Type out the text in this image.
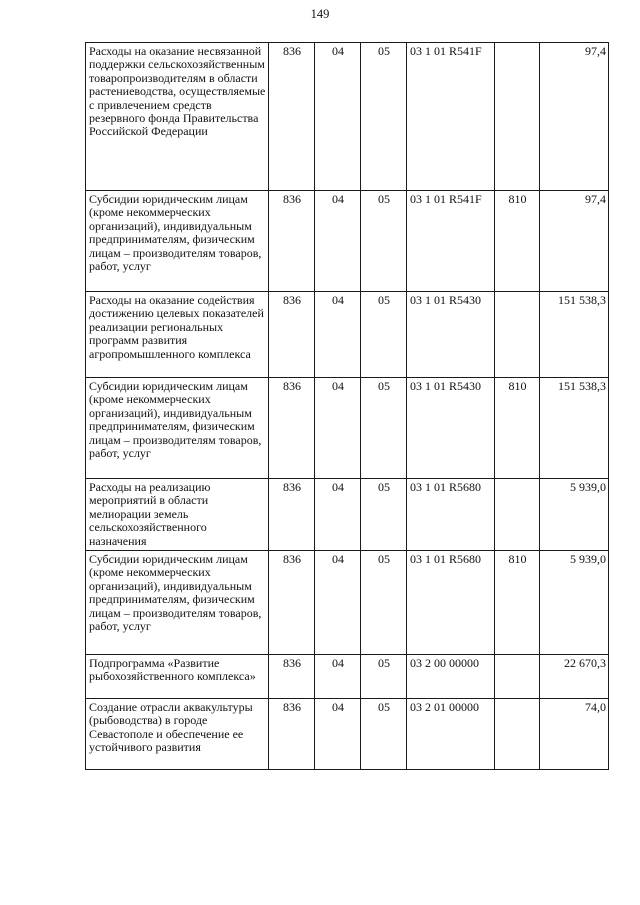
149
Расходы на оказание несвязанной поддержки сельскохозяйственным товаропроизводителям в области растениеводства, осуществляемые с привлечением средств резервного фонда Правительства Российской Федерации	836	04	05	03 1 01 R541F		97,4
Субсидии юридическим лицам (кроме некоммерческих организаций), индивидуальным предпринимателям, физическим лицам – производителям товаров, работ, услуг	836	04	05	03 1 01 R541F	810	97,4
Расходы на оказание содействия достижению целевых показателей реализации региональных программ развития агропромышленного комплекса	836	04	05	03 1 01 R5430		151 538,3
Субсидии юридическим лицам (кроме некоммерческих организаций), индивидуальным предпринимателям, физическим лицам – производителям товаров, работ, услуг	836	04	05	03 1 01 R5430	810	151 538,3
Расходы на реализацию мероприятий в области мелиорации земель сельскохозяйственного назначения	836	04	05	03 1 01 R5680		5 939,0
Субсидии юридическим лицам (кроме некоммерческих организаций), индивидуальным предпринимателям, физическим лицам – производителям товаров, работ, услуг	836	04	05	03 1 01 R5680	810	5 939,0
Подпрограмма «Развитие рыбохозяйственного комплекса»	836	04	05	03 2 00 00000		22 670,3
Создание отрасли аквакультуры (рыбоводства) в городе Севастополе и обеспечение ее устойчивого развития	836	04	05	03 2 01 00000		74,0
